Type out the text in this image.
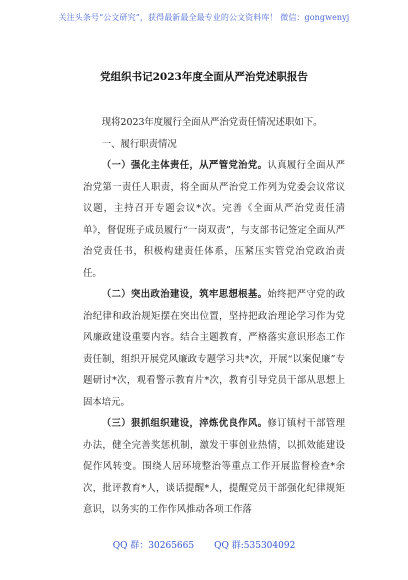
关注头条号“公文研究”，获得最新最全最专业的公文资料库！ 微信：gongwenyj
党组织书记2023年度全面从严治党述职报告

现将2023年度履行全面从严治党责任情况述职如下。

一、履行职责情况

（一）强化主体责任，从严管党治党。认真履行全面从严治党第一责任人职责，将全面从严治党工作列为党委会议常议议题，主持召开专题会议*次。完善《全面从严治党责任清单》，督促班子成员履行“一岗双责”，与支部书记签定全面从严治党责任书，积极构建责任体系，压紧压实管党治党政治责任。

（二）突出政治建设，筑牢思想根基。始终把严守党的政治纪律和政治规矩摆在突出位置，坚持把政治理论学习作为党风廉政建设重要内容。结合主题教育，严格落实意识形态工作责任制，组织开展党风廉政专题学习共*次，开展“以案促廉”专题研讨*次，观看警示教育片*次，教育引导党员干部从思想上固本培元。

（三）狠抓组织建设，淬炼优良作风。修订镇村干部管理办法，健全完善奖惩机制，激发干事创业热情，以抓效能建设促作风转变。围绕人居环境整治等重点工作开展监督检查*余次，批评教育*人，谈话提醒*人，提醒党员干部强化纪律规矩意识，以务实的工作作风推动各项工作落

QQ 群：30265665 QQ 群:535304092
